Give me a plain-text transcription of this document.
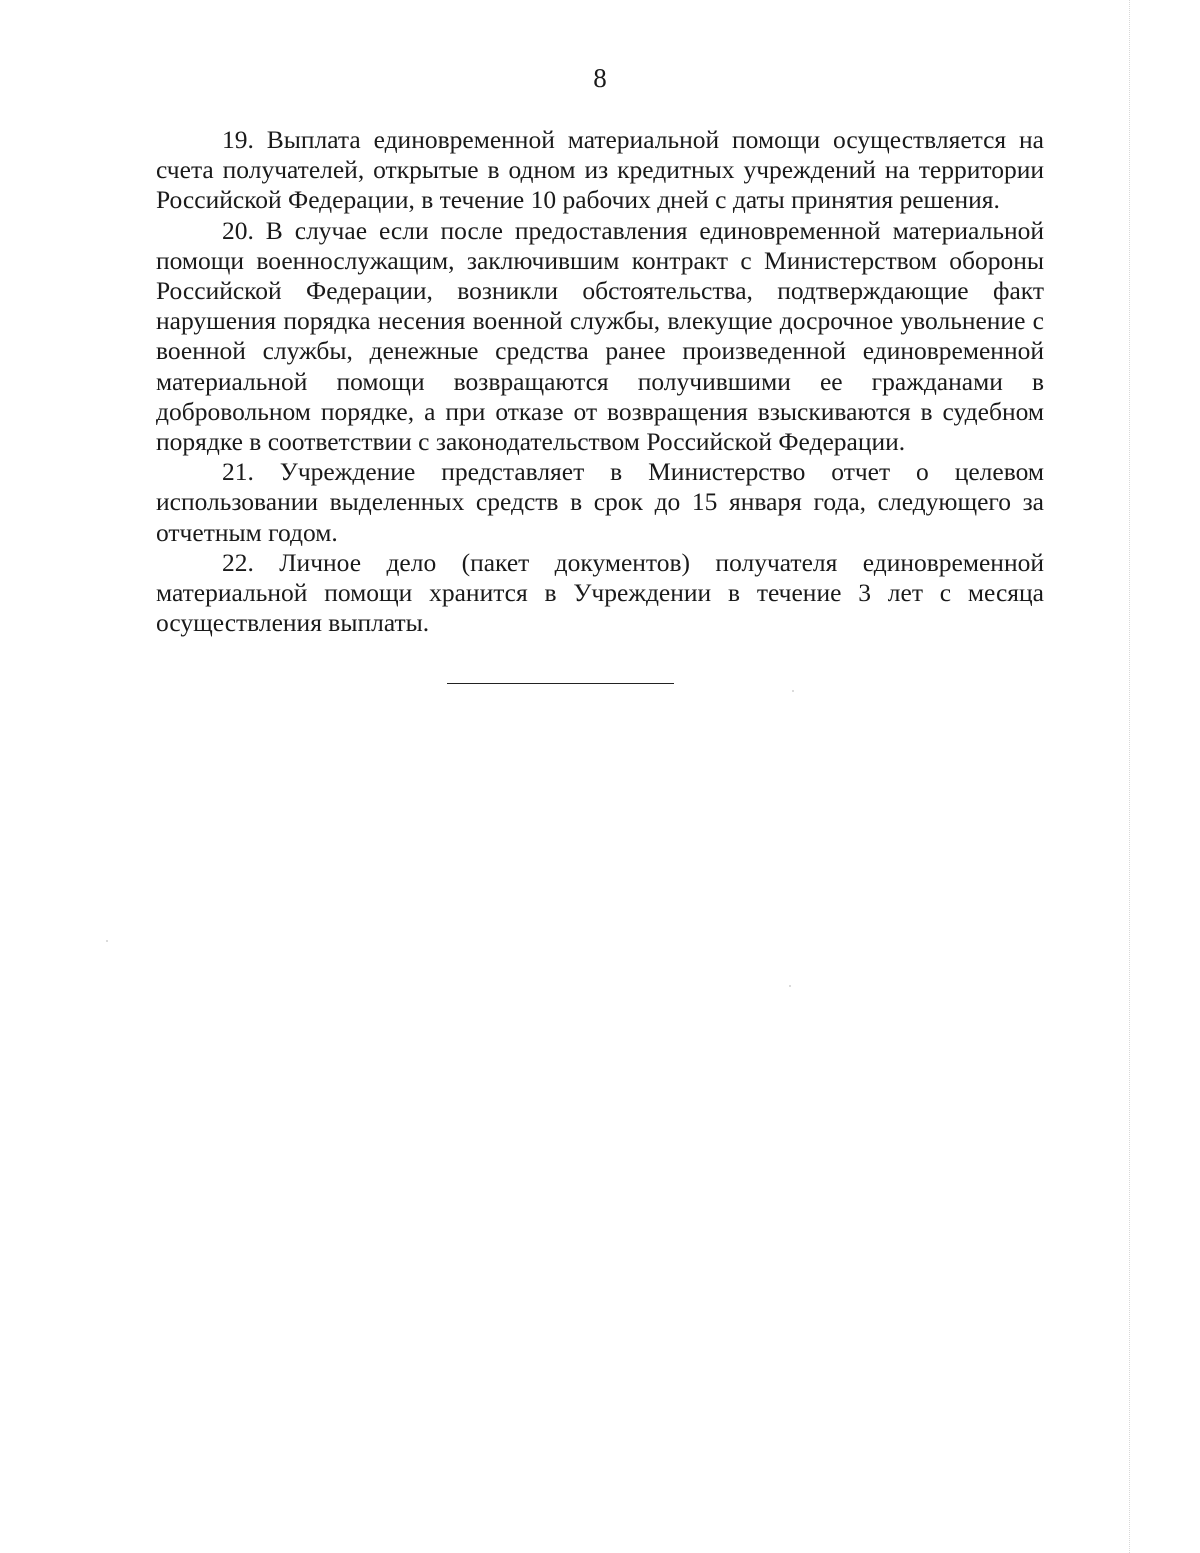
8

19. Выплата единовременной материальной помощи осуществляется на счета получателей, открытые в одном из кредитных учреждений на территории Российской Федерации, в течение 10 рабочих дней с даты принятия решения.

20. В случае если после предоставления единовременной материальной помощи военнослужащим, заключившим контракт с Министерством обороны Российской Федерации, возникли обстоятельства, подтверждающие факт нарушения порядка несения военной службы, влекущие досрочное увольнение с военной службы, денежные средства ранее произведенной единовременной материальной помощи возвращаются получившими ее гражданами в добровольном порядке, а при отказе от возвращения взыскиваются в судебном порядке в соответствии с законодательством Российской Федерации.

21. Учреждение представляет в Министерство отчет о целевом использовании выделенных средств в срок до 15 января года, следующего за отчетным годом.

22. Личное дело (пакет документов) получателя единовременной материальной помощи хранится в Учреждении в течение 3 лет с месяца осуществления выплаты.
